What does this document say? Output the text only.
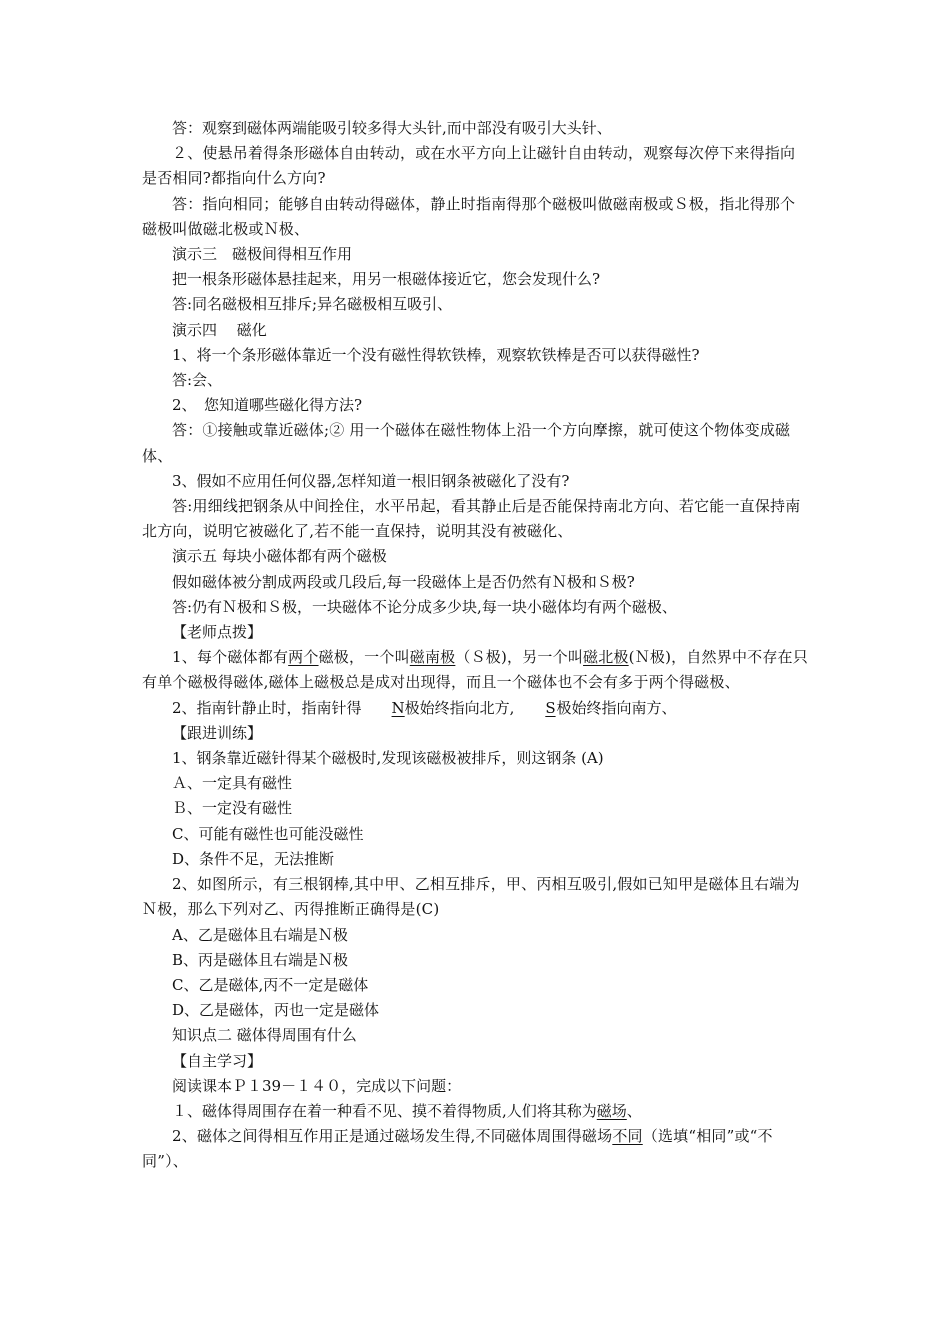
答：观察到磁体两端能吸引较多得大头针,而中部没有吸引大头针、

２、使悬吊着得条形磁体自由转动，或在水平方向上让磁针自由转动，观察每次停下来得指向是否相同?都指向什么方向?

答：指向相同；能够自由转动得磁体，静止时指南得那个磁极叫做磁南极或Ｓ极，指北得那个磁极叫做磁北极或Ｎ极、

演示三　磁极间得相互作用

把一根条形磁体悬挂起来，用另一根磁体接近它，您会发现什么?

答:同名磁极相互排斥;异名磁极相互吸引、

演示四　 磁化

1、将一个条形磁体靠近一个没有磁性得软铁棒，观察软铁棒是否可以获得磁性?

答:会、

2、　您知道哪些磁化得方法?

答：①接触或靠近磁体;② 用一个磁体在磁性物体上沿一个方向摩擦，就可使这个物体变成磁体、

3、假如不应用任何仪器,怎样知道一根旧钢条被磁化了没有?

答:用细线把钢条从中间拴住，水平吊起，看其静止后是否能保持南北方向、若它能一直保持南北方向，说明它被磁化了,若不能一直保持，说明其没有被磁化、

演示五 每块小磁体都有两个磁极

假如磁体被分割成两段或几段后,每一段磁体上是否仍然有Ｎ极和Ｓ极?

答:仍有Ｎ极和Ｓ极，一块磁体不论分成多少块,每一块小磁体均有两个磁极、

【老师点拨】

1、每个磁体都有两个磁极，一个叫磁南极（Ｓ极)，另一个叫磁北极(Ｎ极)，自然界中不存在只有单个磁极得磁体,磁体上磁极总是成对出现得，而且一个磁体也不会有多于两个得磁极、

2、指南针静止时，指南针得 N极始终指向北方, S极始终指向南方、

【跟进训练】

1、钢条靠近磁针得某个磁极时,发现该磁极被排斥，则这钢条 (A)

Ａ、一定具有磁性

Ｂ、一定没有磁性

C、可能有磁性也可能没磁性

D、条件不足，无法推断

2、如图所示，有三根钢棒,其中甲、乙相互排斥，甲、丙相互吸引,假如已知甲是磁体且右端为Ｎ极，那么下列对乙、丙得推断正确得是(C)

A、乙是磁体且右端是Ｎ极

B、丙是磁体且右端是Ｎ极

C、乙是磁体,丙不一定是磁体

D、乙是磁体，丙也一定是磁体

知识点二 磁体得周围有什么

【自主学习】

阅读课本Ｐ１39－１４０，完成以下问题：

１、磁体得周围存在着一种看不见、摸不着得物质,人们将其称为磁场、

2、磁体之间得相互作用正是通过磁场发生得,不同磁体周围得磁场不同（选填“相同”或“不同”）、
